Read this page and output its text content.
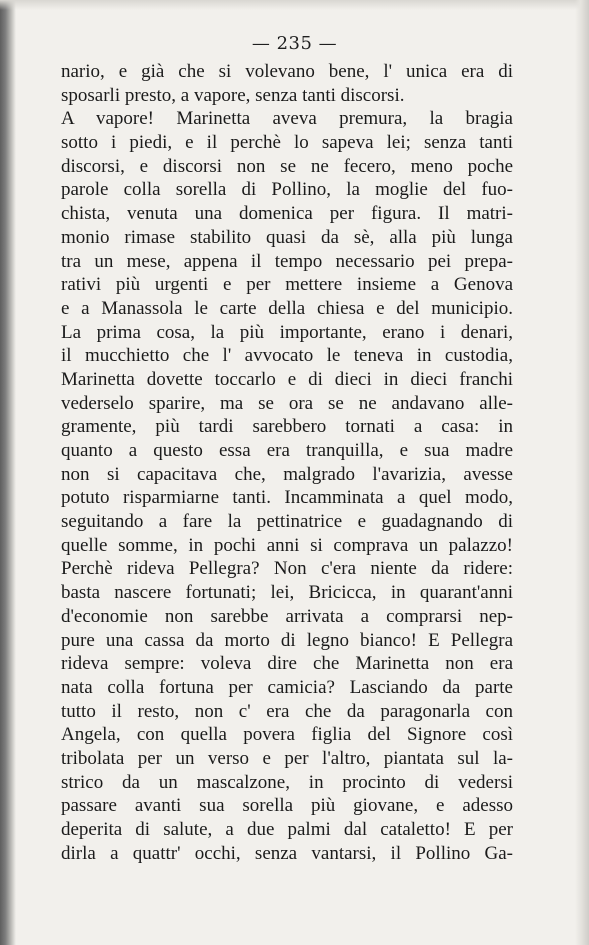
— 235 —

nario, e già che si volevano bene, l' unica era di
sposarli presto, a vapore, senza tanti discorsi.
A vapore! Marinetta aveva premura, la bragia
sotto i piedi, e il perchè lo sapeva lei; senza tanti
discorsi, e discorsi non se ne fecero, meno poche
parole colla sorella di Pollino, la moglie del fuo-
chista, venuta una domenica per figura. Il matri-
monio rimase stabilito quasi da sè, alla più lunga
tra un mese, appena il tempo necessario pei prepa-
rativi più urgenti e per mettere insieme a Genova
e a Manassola le carte della chiesa e del municipio.
La prima cosa, la più importante, erano i denari,
il mucchietto che l' avvocato le teneva in custodia,
Marinetta dovette toccarlo e di dieci in dieci franchi
vederselo sparire, ma se ora se ne andavano alle-
gramente, più tardi sarebbero tornati a casa: in
quanto a questo essa era tranquilla, e sua madre
non si capacitava che, malgrado l'avarizia, avesse
potuto risparmiarne tanti. Incamminata a quel modo,
seguitando a fare la pettinatrice e guadagnando di
quelle somme, in pochi anni si comprava un palazzo!
Perchè rideva Pellegra? Non c'era niente da ridere:
basta nascere fortunati; lei, Bricicca, in quarant'anni
d'economie non sarebbe arrivata a comprarsi nep-
pure una cassa da morto di legno bianco! E Pellegra
rideva sempre: voleva dire che Marinetta non era
nata colla fortuna per camicia? Lasciando da parte
tutto il resto, non c' era che da paragonarla con
Angela, con quella povera figlia del Signore così
tribolata per un verso e per l'altro, piantata sul la-
strico da un mascalzone, in procinto di vedersi
passare avanti sua sorella più giovane, e adesso
deperita di salute, a due palmi dal cataletto! E per
dirla a quattr' occhi, senza vantarsi, il Pollino Ga-
